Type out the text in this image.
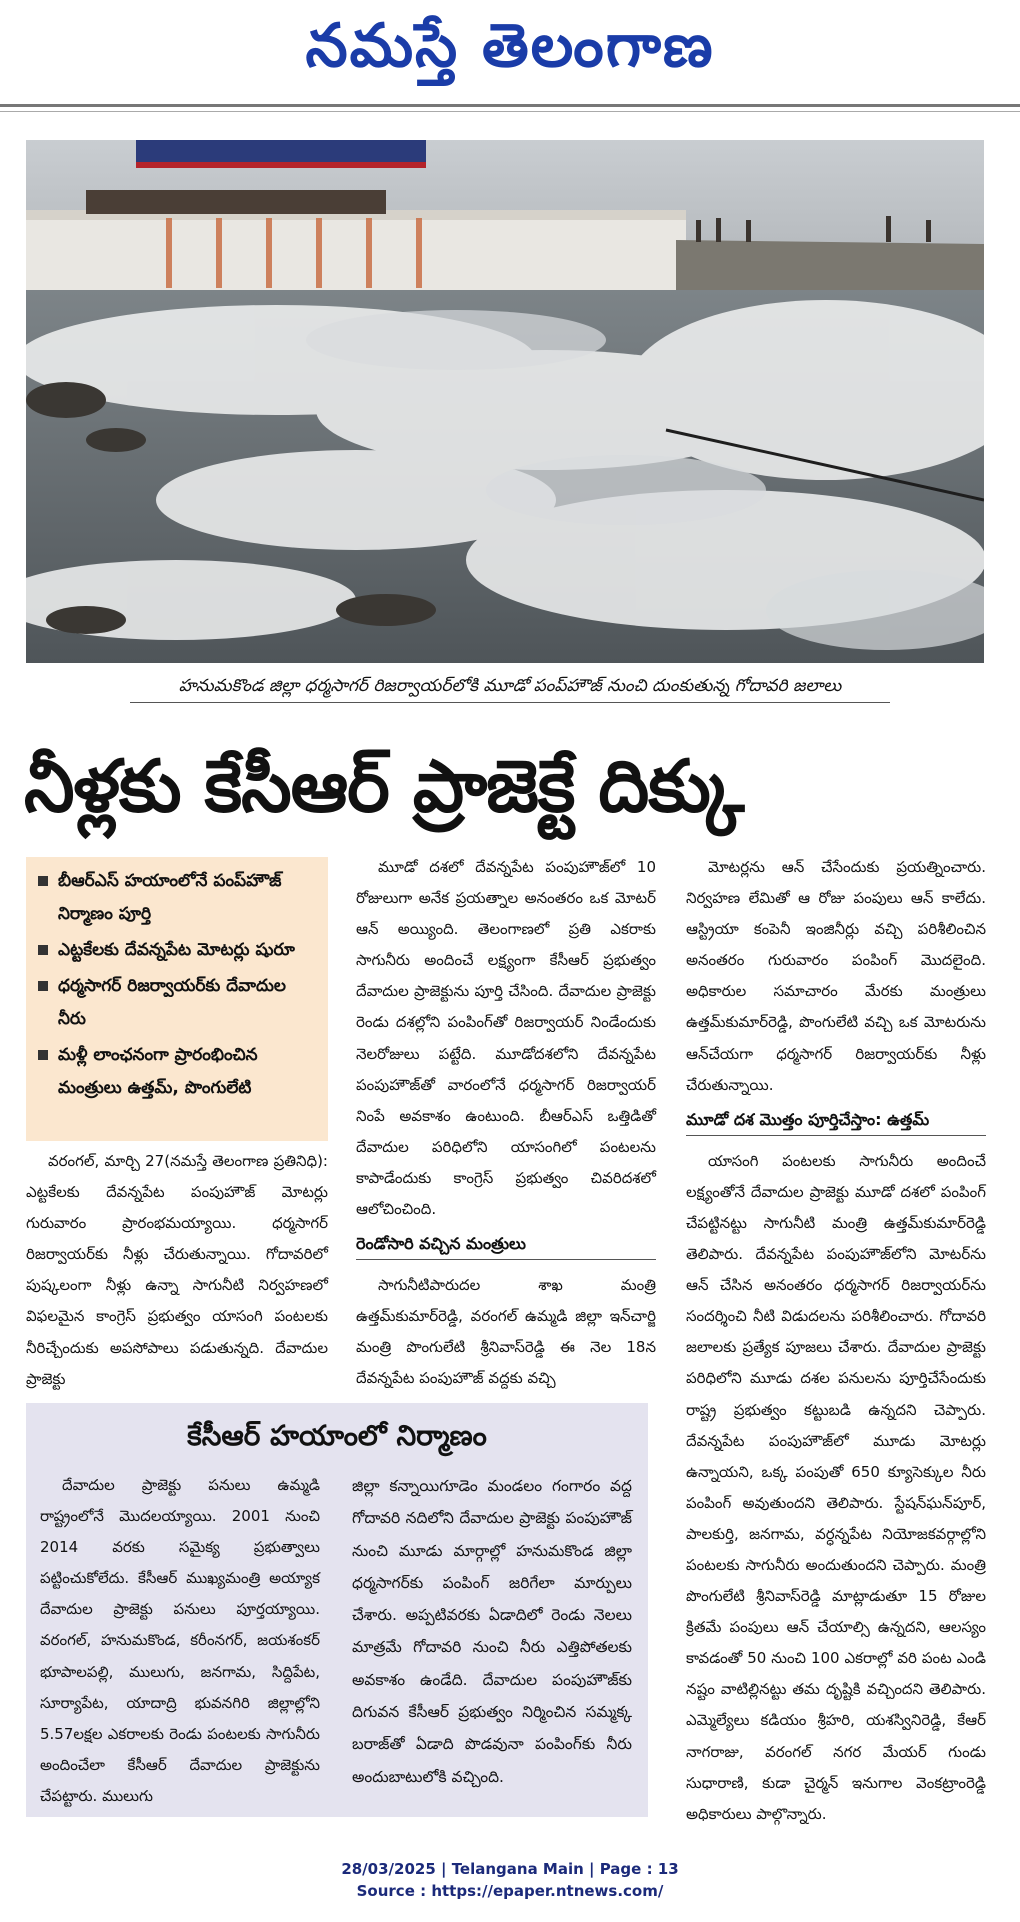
నమస్తే తెలంగాణ
హనుమకొండ జిల్లా ధర్మసాగర్ రిజర్వాయర్‌లోకి మూడో పంప్‌హౌజ్ నుంచి దుంకుతున్న గోదావరి జలాలు
నీళ్లకు కేసీఆర్ ప్రాజెక్టే దిక్కు
బీఆర్‌ఎస్ హయాంలోనే పంప్‌హౌజ్ నిర్మాణం పూర్తి
ఎట్టకేలకు దేవన్నపేట మోటర్లు షురూ
ధర్మసాగర్ రిజర్వాయర్‌కు దేవాదుల నీరు
మళ్లీ లాంఛనంగా ప్రారంభించిన మంత్రులు ఉత్తమ్, పొంగులేటి

వరంగల్, మార్చి 27(నమస్తే తెలంగాణ ప్రతినిధి): ఎట్టకేలకు దేవన్నపేట పంపుహౌజ్ మోటర్లు గురువారం ప్రారంభమయ్యాయి. ధర్మసాగర్ రిజర్వాయర్‌కు నీళ్లు చేరుతున్నాయి. గోదావరిలో పుష్కలంగా నీళ్లు ఉన్నా సాగునీటి నిర్వహణలో విఫలమైన కాంగ్రెస్ ప్రభుత్వం యాసంగి పంటలకు నీరిచ్చేందుకు అపసోపాలు పడుతున్నది. దేవాదుల ప్రాజెక్టు

మూడో దశలో దేవన్నపేట పంపుహౌజ్‌లో 10 రోజులుగా అనేక ప్రయత్నాల అనంతరం ఒక మోటర్ ఆన్ అయ్యింది. తెలంగాణలో ప్రతి ఎకరాకు సాగునీరు అందించే లక్ష్యంగా కేసీఆర్ ప్రభుత్వం దేవాదుల ప్రాజెక్టును పూర్తి చేసింది. దేవాదుల ప్రాజెక్టు రెండు దశల్లోని పంపింగ్‌తో రిజర్వాయర్ నిండేందుకు నెలరోజులు పట్టేది. మూడోదశలోని దేవన్నపేట పంపుహౌజ్‌తో వారంలోనే ధర్మసాగర్ రిజర్వాయర్ నింపే అవకాశం ఉంటుంది. బీఆర్‌ఎస్ ఒత్తిడితో దేవాదుల పరిధిలోని యాసంగిలో పంటలను కాపాడేందుకు కాంగ్రెస్ ప్రభుత్వం చివరిదశలో ఆలోచించింది.

రెండోసారి వచ్చిన మంత్రులు

సాగునీటిపారుదల శాఖ మంత్రి ఉత్తమ్‌కుమార్‌రెడ్డి, వరంగల్ ఉమ్మడి జిల్లా ఇన్‌చార్జి మంత్రి పొంగులేటి శ్రీనివాస్‌రెడ్డి ఈ నెల 18న దేవన్నపేట పంపుహౌజ్ వద్దకు వచ్చి

మోటర్లను ఆన్ చేసేందుకు ప్రయత్నించారు. నిర్వహణ లేమితో ఆ రోజు పంపులు ఆన్ కాలేదు. ఆస్ట్రియా కంపెనీ ఇంజినీర్లు వచ్చి పరిశీలించిన అనంతరం గురువారం పంపింగ్ మొదలైంది. అధికారుల సమాచారం మేరకు మంత్రులు ఉత్తమ్‌కుమార్‌రెడ్డి, పొంగులేటి వచ్చి ఒక మోటరును ఆన్‌చేయగా ధర్మసాగర్ రిజర్వాయర్‌కు నీళ్లు చేరుతున్నాయి.

మూడో దశ మొత్తం పూర్తిచేస్తాం: ఉత్తమ్

యాసంగి పంటలకు సాగునీరు అందించే లక్ష్యంతోనే దేవాదుల ప్రాజెక్టు మూడో దశలో పంపింగ్ చేపట్టినట్టు సాగునీటి మంత్రి ఉత్తమ్‌కుమార్‌రెడ్డి తెలిపారు. దేవన్నపేట పంపుహౌజ్‌లోని మోటర్‌ను ఆన్ చేసిన అనంతరం ధర్మసాగర్ రిజర్వాయర్‌ను సందర్శించి నీటి విడుదలను పరిశీలించారు. గోదావరి జలాలకు ప్రత్యేక పూజలు చేశారు. దేవాదుల ప్రాజెక్టు పరిధిలోని మూడు దశల పనులను పూర్తిచేసేందుకు రాష్ట్ర ప్రభుత్వం కట్టుబడి ఉన్నదని చెప్పారు. దేవన్నపేట పంపుహౌజ్‌లో మూడు మోటర్లు ఉన్నాయని, ఒక్క పంపుతో 650 క్యూసెక్కుల నీరు పంపింగ్ అవుతుందని తెలిపారు. స్టేషన్‌ఘన్‌పూర్, పాలకుర్తి, జనగామ, వర్ధన్నపేట నియోజకవర్గాల్లోని పంటలకు సాగునీరు అందుతుందని చెప్పారు. మంత్రి పొంగులేటి శ్రీనివాస్‌రెడ్డి మాట్లాడుతూ 15 రోజుల క్రితమే పంపులు ఆన్ చేయాల్సి ఉన్నదని, ఆలస్యం కావడంతో 50 నుంచి 100 ఎకరాల్లో వరి పంట ఎండి నష్టం వాటిల్లినట్టు తమ దృష్టికి వచ్చిందని తెలిపారు. ఎమ్మెల్యేలు కడియం శ్రీహరి, యశస్వినిరెడ్డి, కేఆర్ నాగరాజు, వరంగల్ నగర మేయర్ గుండు సుధారాణి, కుడా చైర్మన్ ఇనుగాల వెంకట్రాంరెడ్డి అధికారులు పాల్గొన్నారు.

కేసీఆర్ హయాంలో నిర్మాణం

దేవాదుల ప్రాజెక్టు పనులు ఉమ్మడి రాష్ట్రంలోనే మొదలయ్యాయి. 2001 నుంచి 2014 వరకు సమైక్య ప్రభుత్వాలు పట్టించుకోలేదు. కేసీఆర్ ముఖ్యమంత్రి అయ్యాక దేవాదుల ప్రాజెక్టు పనులు పూర్తయ్యాయి. వరంగల్, హనుమకొండ, కరీంనగర్, జయశంకర్ భూపాలపల్లి, ములుగు, జనగామ, సిద్దిపేట, సూర్యాపేట, యాదాద్రి భువనగిరి జిల్లాల్లోని 5.57లక్షల ఎకరాలకు రెండు పంటలకు సాగునీరు అందించేలా కేసీఆర్ దేవాదుల ప్రాజెక్టును చేపట్టారు. ములుగు

జిల్లా కన్నాయిగూడెం మండలం గంగారం వద్ద గోదావరి నదిలోని దేవాదుల ప్రాజెక్టు పంపుహౌజ్ నుంచి మూడు మార్గాల్లో హనుమకొండ జిల్లా ధర్మసాగర్‌కు పంపింగ్ జరిగేలా మార్పులు చేశారు. అప్పటివరకు ఏడాదిలో రెండు నెలలు మాత్రమే గోదావరి నుంచి నీరు ఎత్తిపోతలకు అవకాశం ఉండేది. దేవాదుల పంపుహౌజ్‌కు దిగువన కేసీఆర్ ప్రభుత్వం నిర్మించిన సమ్మక్క బరాజ్‌తో ఏడాది పొడవునా పంపింగ్‌కు నీరు అందుబాటులోకి వచ్చింది.

28/03/2025 | Telangana Main | Page : 13
Source : https://epaper.ntnews.com/
